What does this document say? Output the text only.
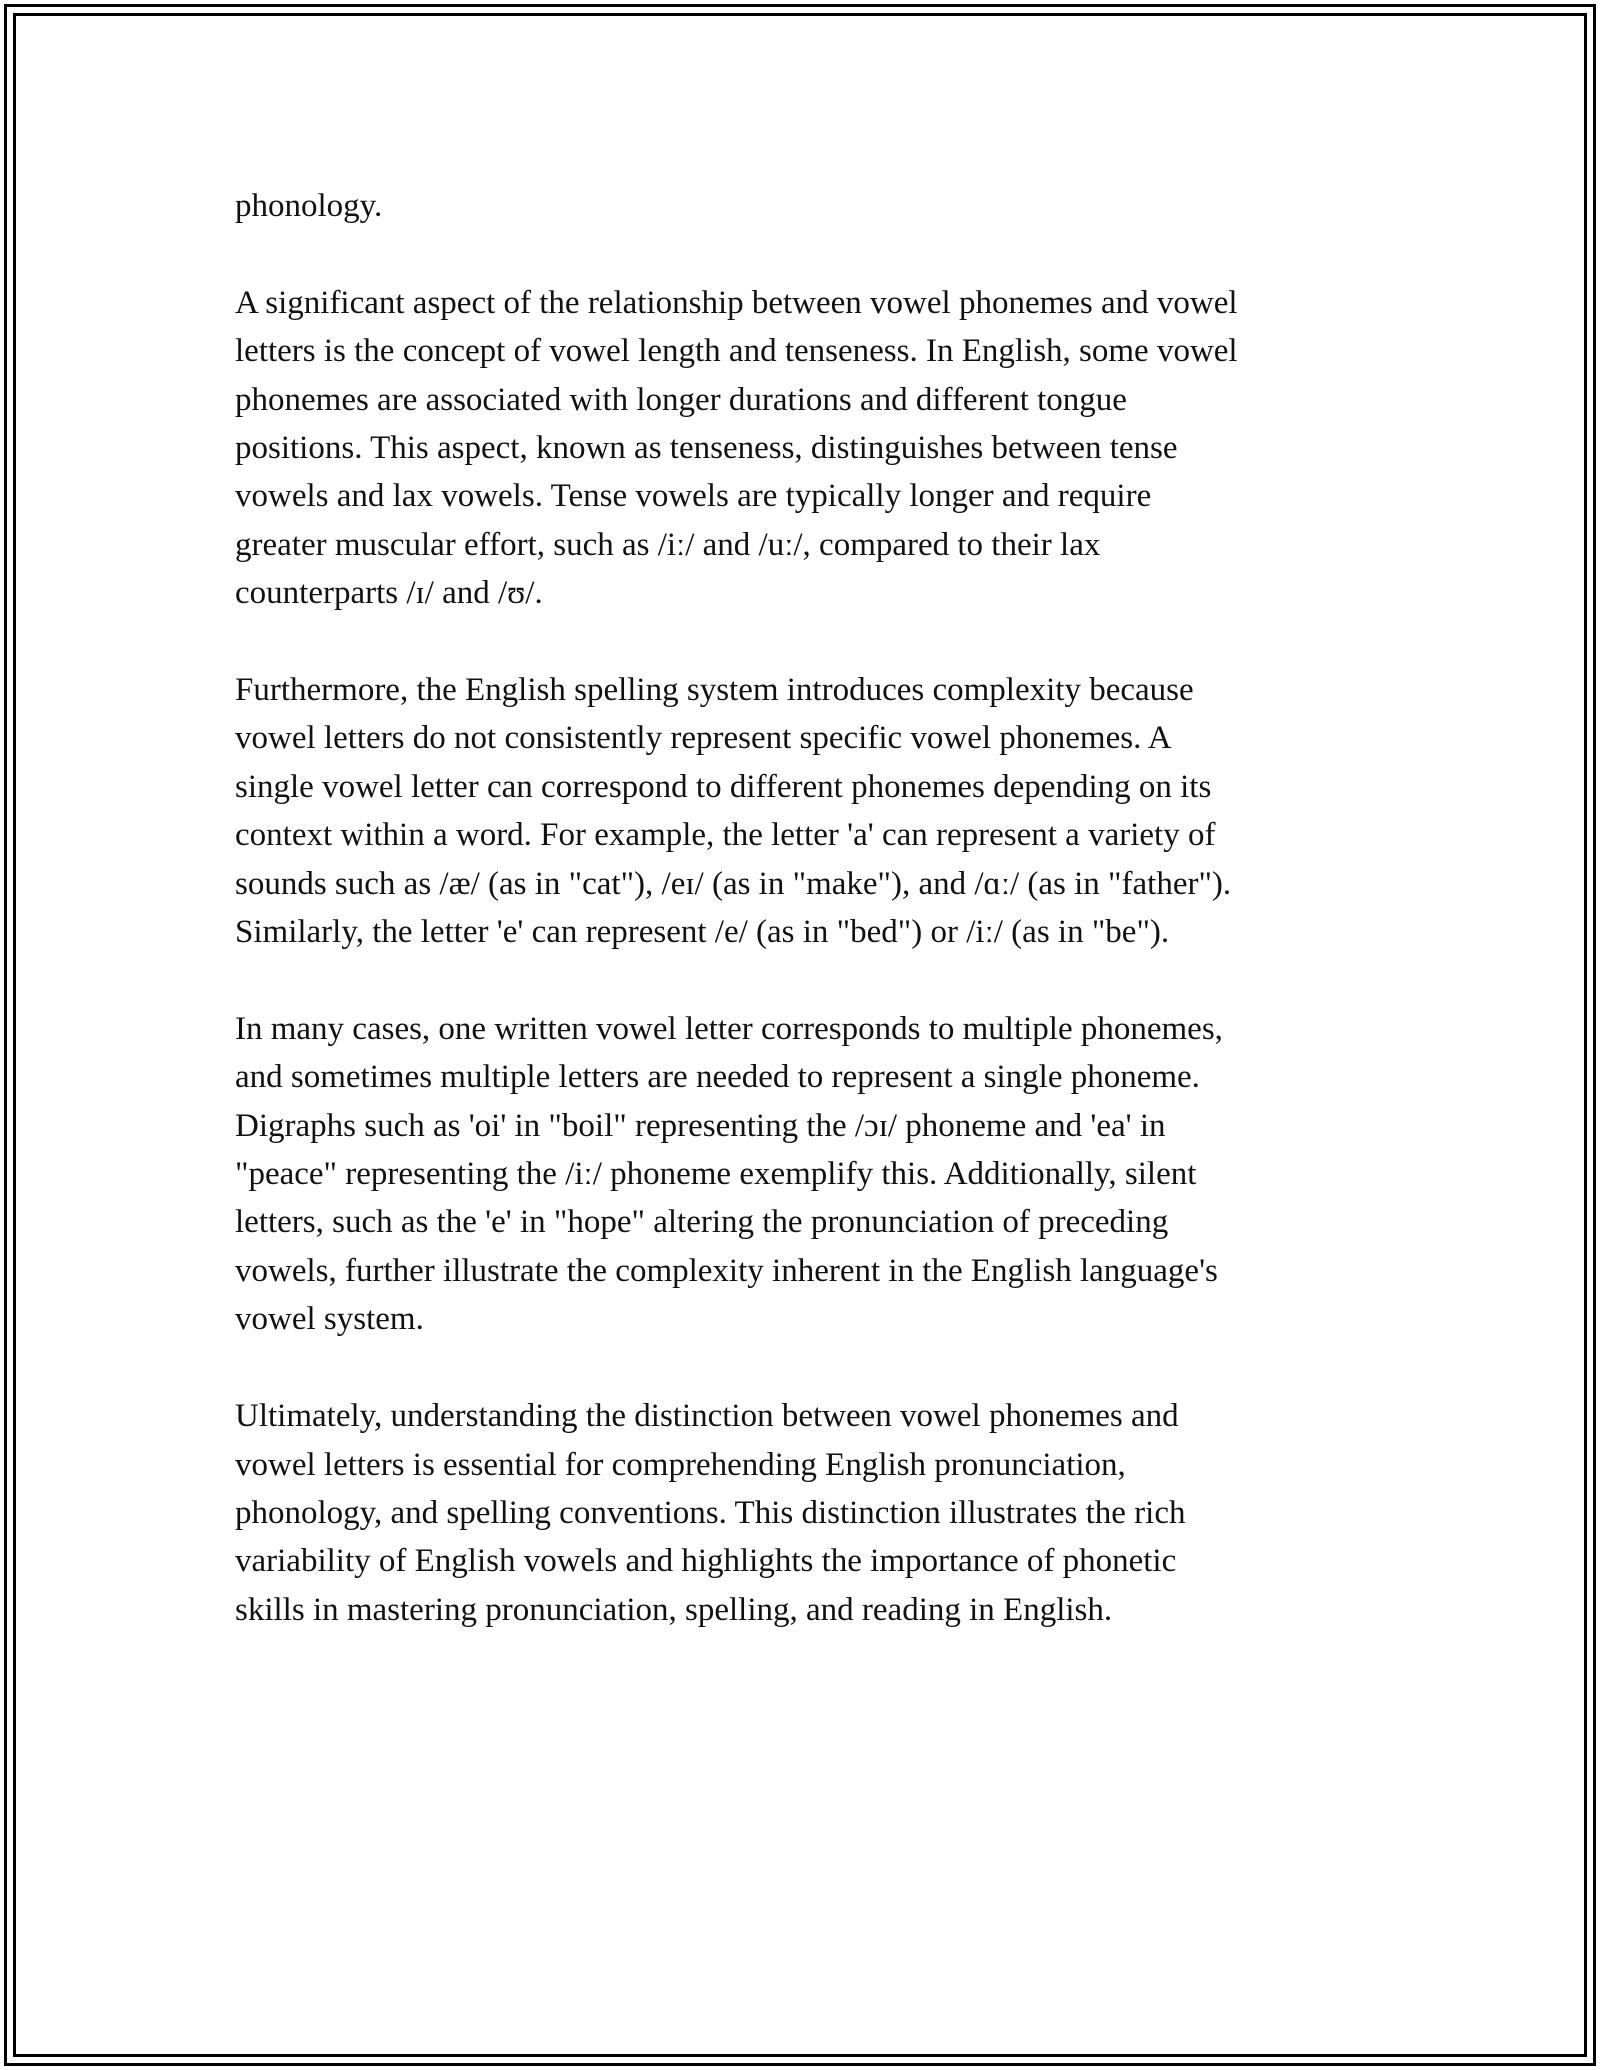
phonology.

A significant aspect of the relationship between vowel phonemes and vowel
letters is the concept of vowel length and tenseness. In English, some vowel
phonemes are associated with longer durations and different tongue
positions. This aspect, known as tenseness, distinguishes between tense
vowels and lax vowels. Tense vowels are typically longer and require
greater muscular effort, such as /iː/ and /uː/, compared to their lax
counterparts /ɪ/ and /ʊ/.

Furthermore, the English spelling system introduces complexity because
vowel letters do not consistently represent specific vowel phonemes. A
single vowel letter can correspond to different phonemes depending on its
context within a word. For example, the letter 'a' can represent a variety of
sounds such as /æ/ (as in "cat"), /eɪ/ (as in "make"), and /ɑː/ (as in "father").
Similarly, the letter 'e' can represent /e/ (as in "bed") or /iː/ (as in "be").

In many cases, one written vowel letter corresponds to multiple phonemes,
and sometimes multiple letters are needed to represent a single phoneme.
Digraphs such as 'oi' in "boil" representing the /ɔɪ/ phoneme and 'ea' in
"peace" representing the /iː/ phoneme exemplify this. Additionally, silent
letters, such as the 'e' in "hope" altering the pronunciation of preceding
vowels, further illustrate the complexity inherent in the English language's
vowel system.

Ultimately, understanding the distinction between vowel phonemes and
vowel letters is essential for comprehending English pronunciation,
phonology, and spelling conventions. This distinction illustrates the rich
variability of English vowels and highlights the importance of phonetic
skills in mastering pronunciation, spelling, and reading in English.
